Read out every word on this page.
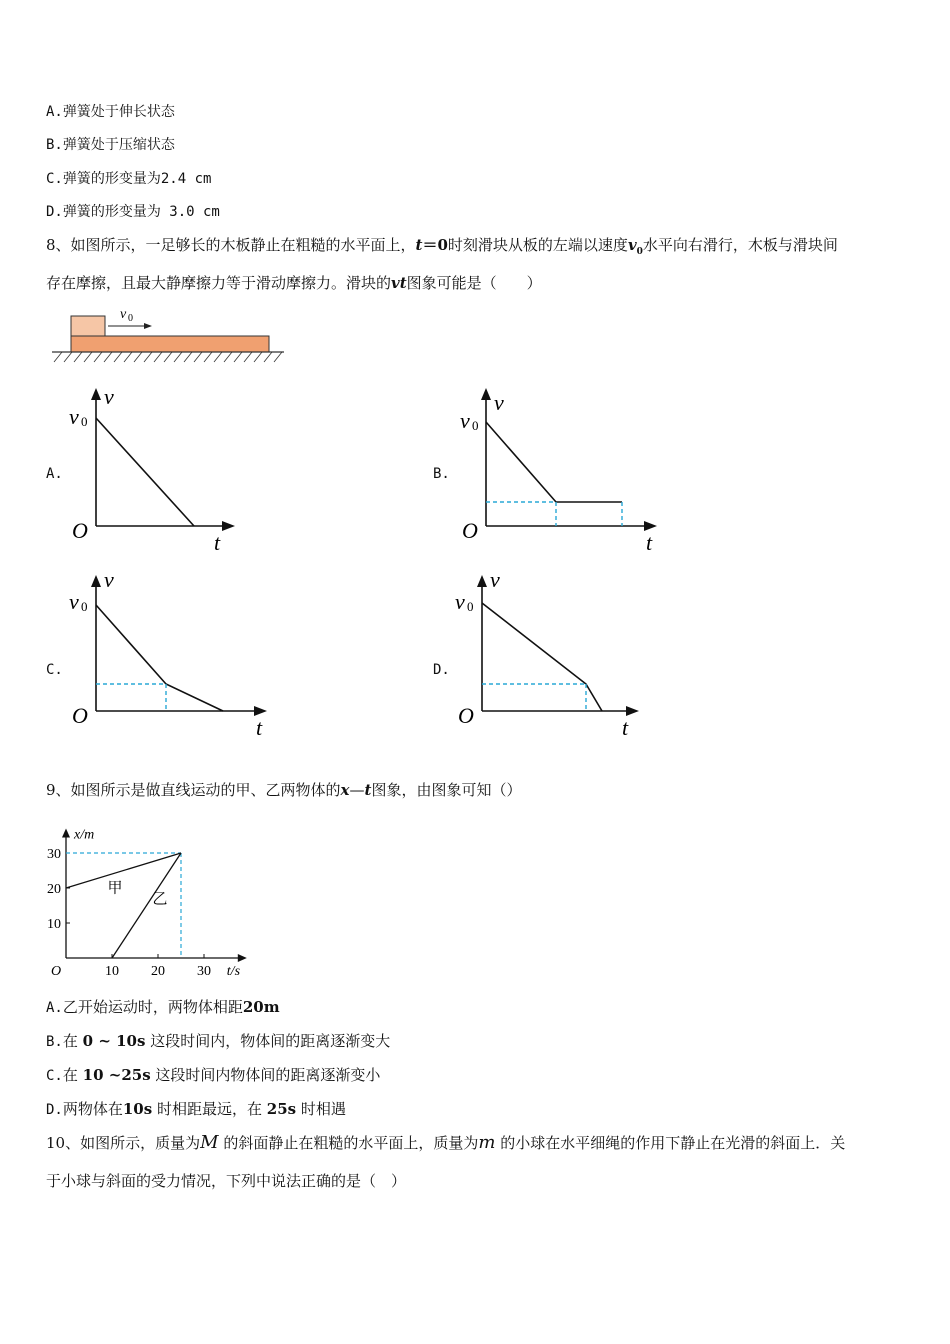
A.弹簧处于伸长状态
B.弹簧处于压缩状态
C.弹簧的形变量为2.4 cm
D.弹簧的形变量为 3.0 cm
8、如图所示，一足够长的木板静止在粗糙的水平面上，t＝0时刻滑块从板的左端以速度$v_0$水平向右滑行，木板与滑块间
存在摩擦，且最大静摩擦力等于滑动摩擦力。滑块的vt图象可能是（　　）
v 0
A.	B.
C.	D.
v
v 0
O	t
v
v 0
O	t
v
v 0
O	t
v
v 0
O	t
9、如图所示是做直线运动的甲、乙两物体的x—t图象，由图象可知（）
10 20 30
10
20
30
O	t/s
x/m
甲
乙
A.乙开始运动时，两物体相距20m
B.在 0 ~ 10s 这段时间内，物体间的距离逐渐变大
C.在 10 ~25s 这段时间内物体间的距离逐渐变小
D.两物体在10s 时相距最远，在 25s 时相遇
10、如图所示，质量为M 的斜面静止在粗糙的水平面上，质量为m 的小球在水平细绳的作用下静止在光滑的斜面上．关
于小球与斜面的受力情况，下列中说法正确的是（　）
